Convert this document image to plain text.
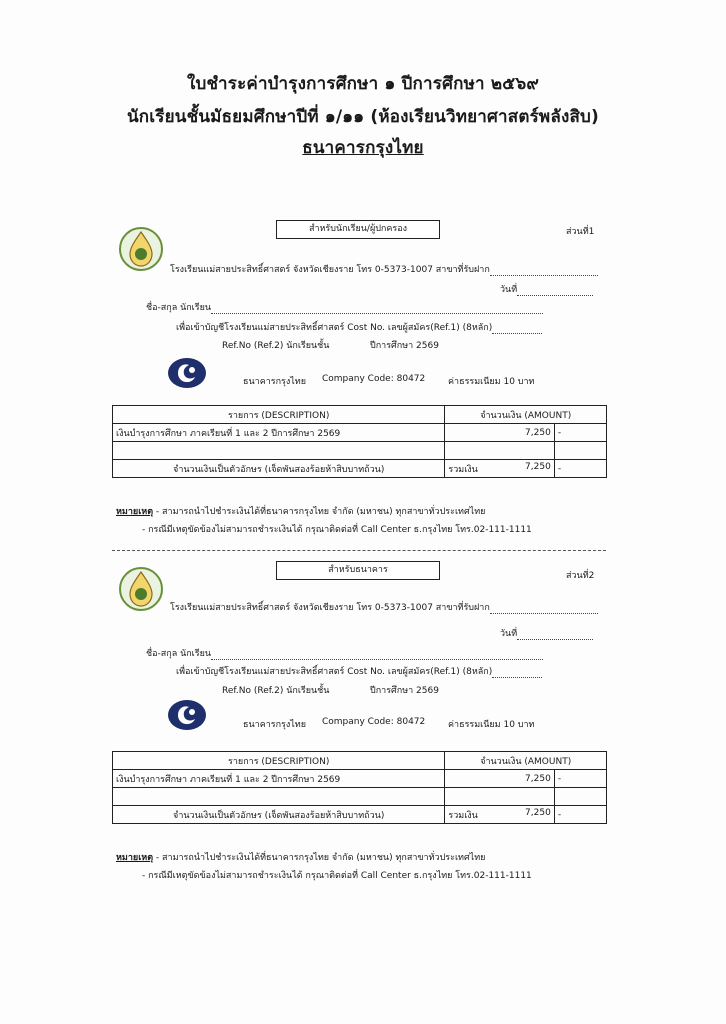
ใบชำระค่าบำรุงการศึกษา ๑ ปีการศึกษา ๒๕๖๙
นักเรียนชั้นมัธยมศึกษาปีที่ ๑/๑๑ (ห้องเรียนวิทยาศาสตร์พลังสิบ)
ธนาคารกรุงไทย
สำหรับนักเรียน/ผู้ปกครอง	ส่วนที่1
โรงเรียนแม่สายประสิทธิ์ศาสตร์ จังหวัดเชียงราย โทร 0-5373-1007 สาขาที่รับฝาก
วันที่
ชื่อ-สกุล นักเรียน
เพื่อเข้าบัญชีโรงเรียนแม่สายประสิทธิ์ศาสตร์ Cost No. เลขผู้สมัคร(Ref.1) (8หลัก)
Ref.No (Ref.2) นักเรียนชั้น	ปีการศึกษา 2569
ธนาคารกรุงไทย Company Code: 80472	ค่าธรรมเนียม 10 บาท
รายการ (DESCRIPTION)	จำนวนเงิน (AMOUNT)	
เงินบำรุงการศึกษา ภาคเรียนที่ 1 และ 2 ปีการศึกษา 2569	7,250	-

จำนวนเงินเป็นตัวอักษร (เจ็ดพันสองร้อยห้าสิบบาทถ้วน)	รวมเงิน 7,250	-
หมายเหตุ - สามารถนำไปชำระเงินได้ที่ธนาคารกรุงไทย จำกัด (มหาชน) ทุกสาขาทั่วประเทศไทย
- กรณีมีเหตุขัดข้องไม่สามารถชำระเงินได้ กรุณาติดต่อที่ Call Center ธ.กรุงไทย โทร.02-111-1111
สำหรับธนาคาร
ส่วนที่2
โรงเรียนแม่สายประสิทธิ์ศาสตร์ จังหวัดเชียงราย โทร 0-5373-1007 สาขาที่รับฝาก
วันที่
ชื่อ-สกุล นักเรียน
เพื่อเข้าบัญชีโรงเรียนแม่สายประสิทธิ์ศาสตร์ Cost No. เลขผู้สมัคร(Ref.1) (8หลัก)
Ref.No (Ref.2) นักเรียนชั้น	ปีการศึกษา 2569
ธนาคารกรุงไทย Company Code: 80472	ค่าธรรมเนียม 10 บาท
รายการ (DESCRIPTION)	จำนวนเงิน (AMOUNT)	
เงินบำรุงการศึกษา ภาคเรียนที่ 1 และ 2 ปีการศึกษา 2569	7,250	-

จำนวนเงินเป็นตัวอักษร (เจ็ดพันสองร้อยห้าสิบบาทถ้วน)	รวมเงิน 7,250	-
หมายเหตุ - สามารถนำไปชำระเงินได้ที่ธนาคารกรุงไทย จำกัด (มหาชน) ทุกสาขาทั่วประเทศไทย
- กรณีมีเหตุขัดข้องไม่สามารถชำระเงินได้ กรุณาติดต่อที่ Call Center ธ.กรุงไทย โทร.02-111-1111
